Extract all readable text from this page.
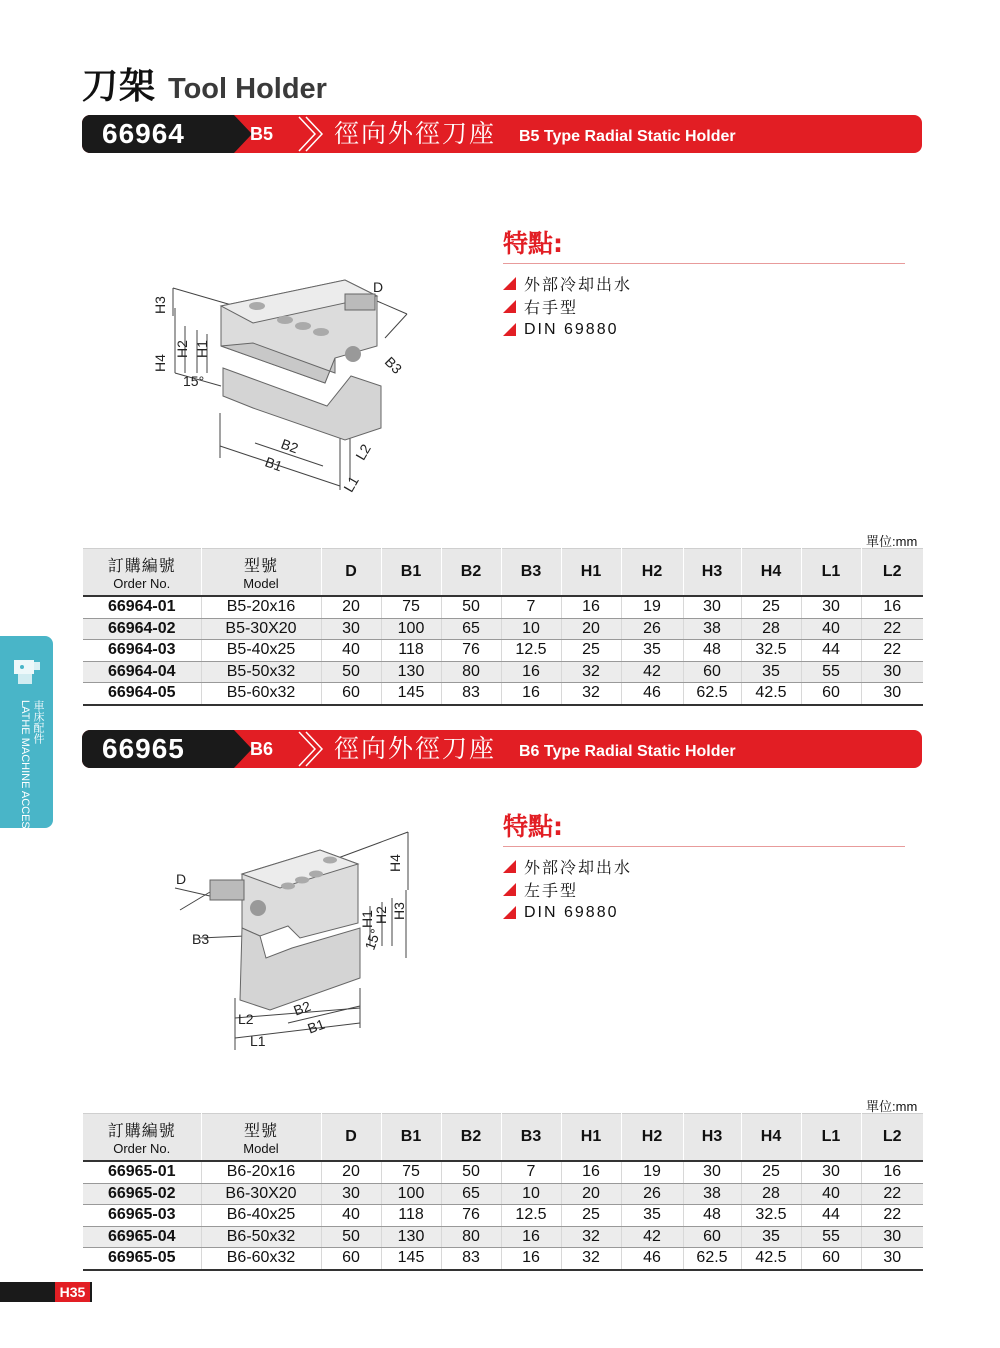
刀架 Tool Holder
車床配件
LATHE MACHINE ACCESSORIES
66964	B5 徑向外徑刀座 B5 Type Radial Static Holder
H3
H4
H2 H1
15°
D
B3
B2
B1
L2
L1
特點:
外部冷却出水
右手型
DIN 69880
單位:mm
訂購編號
Order No.	型號
Model	D	B1	B2	B3	H1	H2	H3	H4	L1	L2
66964-01	B5-20x16	20	75	50	7	16	19	30	25	30	16
66964-02	B5-30X20	30	100	65	10	20	26	38	28	40	22
66964-03	B5-40x25	40	118	76	12.5	25	35	48	32.5	44	22
66964-04	B5-50x32	50	130	80	16	32	42	60	35	55	30
66964-05	B5-60x32	60	145	83	16	32	46	62.5	42.5	60	30
66965	B6 徑向外徑刀座 B6 Type Radial Static Holder
D
B3
H4
H1
H2 H3
15°
B2
B1
L2
L1
特點:
外部冷却出水
左手型
DIN 69880
單位:mm
訂購編號
Order No.	型號
Model	D	B1	B2	B3	H1	H2	H3	H4	L1	L2
66965-01	B6-20x16	20	75	50	7	16	19	30	25	30	16
66965-02	B6-30X20	30	100	65	10	20	26	38	28	40	22
66965-03	B6-40x25	40	118	76	12.5	25	35	48	32.5	44	22
66965-04	B6-50x32	50	130	80	16	32	42	60	35	55	30
66965-05	B6-60x32	60	145	83	16	32	46	62.5	42.5	60	30
H35
